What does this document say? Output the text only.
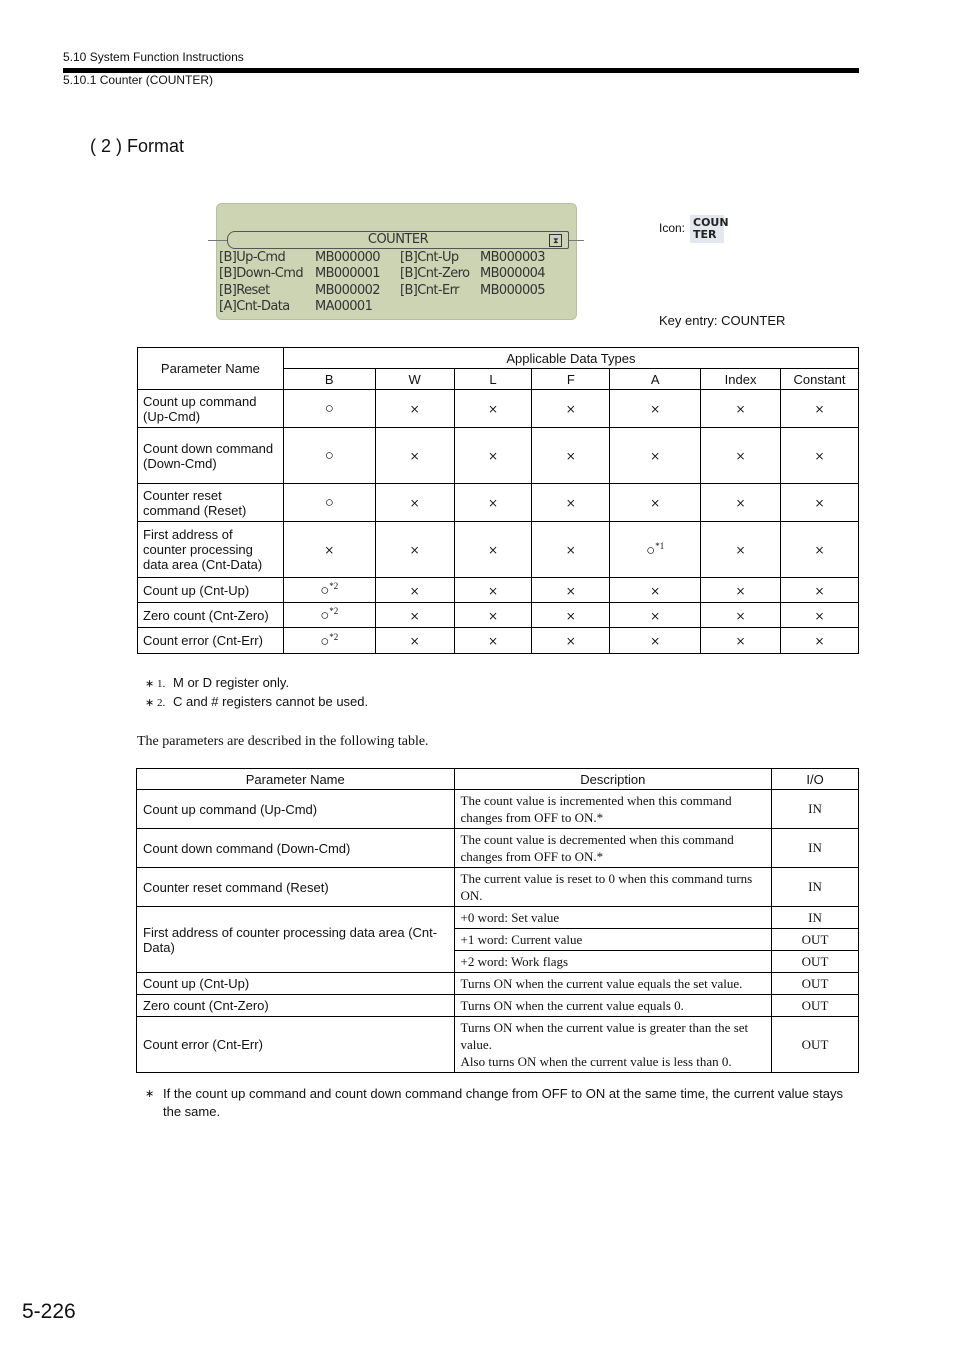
5.10 System Function Instructions
5.10.1 Counter (COUNTER)
( 2 ) Format
COUNTER	⧗
[B]Up-Cmd MB000000 [B]Cnt-Up MB000003
[B]Down-Cmd MB000001 [B]Cnt-Zero MB000004
[B]Reset	MB000002 [B]Cnt-Err MB000005
[A]Cnt-Data MA00001
Icon: COUN
TER
Key entry: COUNTER
Parameter Name	Applicable Data Types						
	B	W	L	F	A	Index	Constant
Count up command (Up-Cmd)	○	×	×	×	×	×	×
Count down command (Down-Cmd)	○	×	×	×	×	×	×
Counter reset command (Reset)	○	×	×	×	×	×	×
First address of counter processing data area (Cnt-Data)	×	×	×	×	○$^{*1}$	×	×
Count up (Cnt-Up)	○$^{*2}$	×	×	×	×	×	×
Zero count (Cnt-Zero)	○$^{*2}$	×	×	×	×	×	×
Count error (Cnt-Err)	○$^{*2}$	×	×	×	×	×	×
∗ 1. M or D register only.
∗ 2. C and # registers cannot be used.
The parameters are described in the following table.
Parameter Name	Description	I/O
Count up command (Up-Cmd)	The count value is incremented when this command changes from OFF to ON.*	IN
Count down command (Down-Cmd)	The count value is decremented when this command changes from OFF to ON.*	IN
Counter reset command (Reset)	The current value is reset to 0 when this command turns ON.	IN
First address of counter processing data area (Cnt-Data)	+0 word: Set value	IN
	+1 word: Current value	OUT
	+2 word: Work flags	OUT
Count up (Cnt-Up)	Turns ON when the current value equals the set value.	OUT
Zero count (Cnt-Zero)	Turns ON when the current value equals 0.	OUT
Count error (Cnt-Err)	Turns ON when the current value is greater than the set value.
Also turns ON when the current value is less than 0.	OUT
∗ If the count up command and count down command change from OFF to ON at the same time, the current value stays the same.
5-226
